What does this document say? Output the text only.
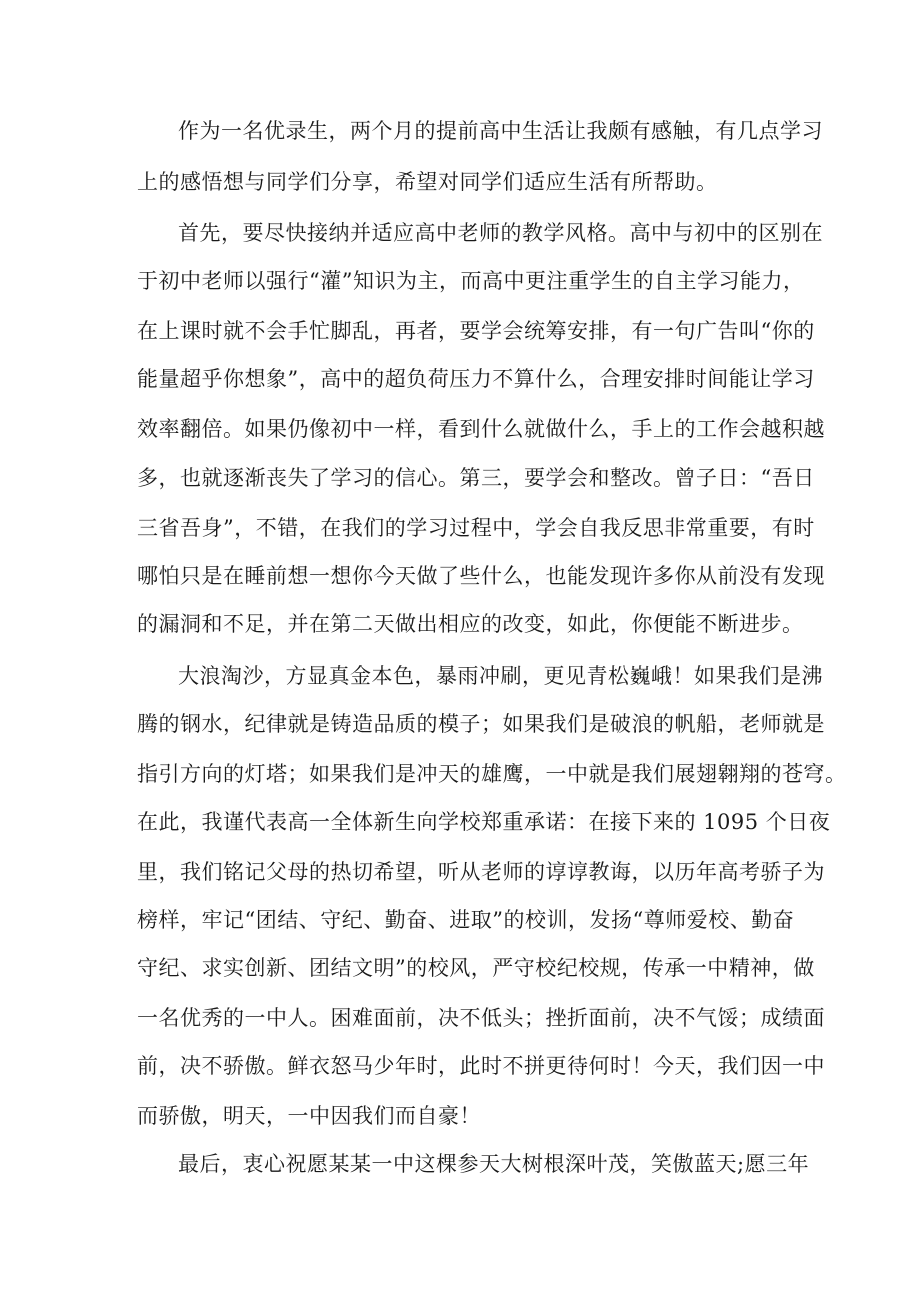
作为一名优录生，两个月的提前高中生活让我颇有感触，有几点学习
上的感悟想与同学们分享，希望对同学们适应生活有所帮助。
首先，要尽快接纳并适应高中老师的教学风格。高中与初中的区别在
于初中老师以强行“灌”知识为主，而高中更注重学生的自主学习能力，
在上课时就不会手忙脚乱，再者，要学会统筹安排，有一句广告叫“你的
能量超乎你想象”，高中的超负荷压力不算什么，合理安排时间能让学习
效率翻倍。如果仍像初中一样，看到什么就做什么，手上的工作会越积越
多，也就逐渐丧失了学习的信心。第三，要学会和整改。曾子日：“吾日
三省吾身”，不错，在我们的学习过程中，学会自我反思非常重要，有时
哪怕只是在睡前想一想你今天做了些什么，也能发现许多你从前没有发现
的漏洞和不足，并在第二天做出相应的改变，如此，你便能不断进步。
大浪淘沙，方显真金本色，暴雨冲刷，更见青松巍峨！如果我们是沸
腾的钢水，纪律就是铸造品质的模子；如果我们是破浪的帆船，老师就是
指引方向的灯塔；如果我们是冲天的雄鹰，一中就是我们展翅翱翔的苍穹。
在此，我谨代表高一全体新生向学校郑重承诺：在接下来的 1095 个日夜
里，我们铭记父母的热切希望，听从老师的谆谆教诲，以历年高考骄子为
榜样，牢记“团结、守纪、勤奋、进取”的校训，发扬“尊师爱校、勤奋
守纪、求实创新、团结文明”的校风，严守校纪校规，传承一中精神，做
一名优秀的一中人。困难面前，决不低头；挫折面前，决不气馁；成绩面
前，决不骄傲。鲜衣怒马少年时，此时不拼更待何时！今天，我们因一中
而骄傲，明天，一中因我们而自豪！
最后，衷心祝愿某某一中这棵参天大树根深叶茂，笑傲蓝天;愿三年
